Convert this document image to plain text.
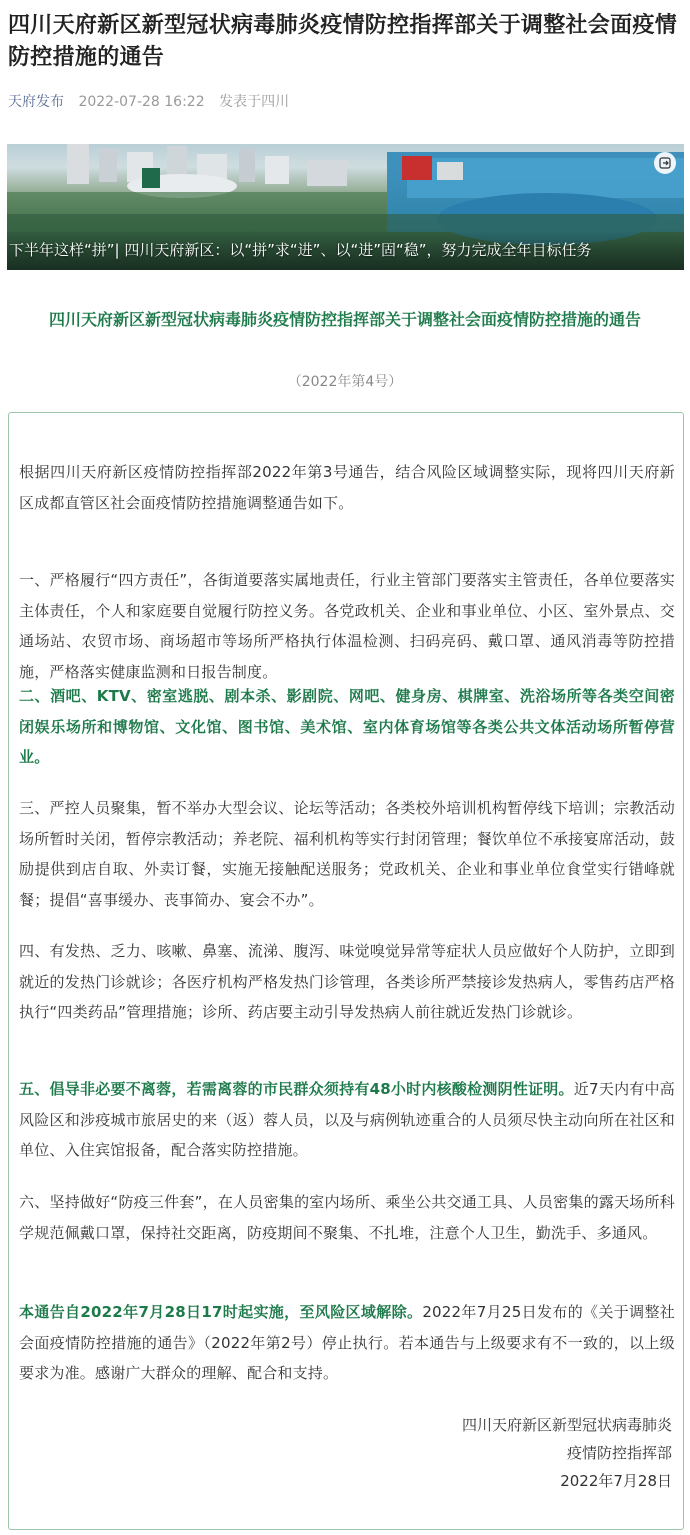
四川天府新区新型冠状病毒肺炎疫情防控指挥部关于调整社会面疫情防控措施的通告
天府发布 2022-07-28 16:22 发表于四川
下半年这样“拼”| 四川天府新区：以“拼”求“进”、以“进”固“稳”，努力完成全年目标任务
四川天府新区新型冠状病毒肺炎疫情防控指挥部关于调整社会面疫情防控措施的通告
（2022年第4号）

根据四川天府新区疫情防控指挥部2022年第3号通告，结合风险区域调整实际，现将四川天府新区成都直管区社会面疫情防控措施调整通告如下。

一、严格履行“四方责任”，各街道要落实属地责任，行业主管部门要落实主管责任，各单位要落实主体责任，个人和家庭要自觉履行防控义务。各党政机关、企业和事业单位、小区、室外景点、交通场站、农贸市场、商场超市等场所严格执行体温检测、扫码亮码、戴口罩、通风消毒等防控措施，严格落实健康监测和日报告制度。

二、酒吧、KTV、密室逃脱、剧本杀、影剧院、网吧、健身房、棋牌室、洗浴场所等各类空间密闭娱乐场所和博物馆、文化馆、图书馆、美术馆、室内体育场馆等各类公共文体活动场所暂停营业。

三、严控人员聚集，暂不举办大型会议、论坛等活动；各类校外培训机构暂停线下培训；宗教活动场所暂时关闭，暂停宗教活动；养老院、福利机构等实行封闭管理；餐饮单位不承接宴席活动，鼓励提供到店自取、外卖订餐，实施无接触配送服务；党政机关、企业和事业单位食堂实行错峰就餐；提倡“喜事缓办、丧事简办、宴会不办”。

四、有发热、乏力、咳嗽、鼻塞、流涕、腹泻、味觉嗅觉异常等症状人员应做好个人防护，立即到就近的发热门诊就诊；各医疗机构严格发热门诊管理，各类诊所严禁接诊发热病人，零售药店严格执行“四类药品”管理措施；诊所、药店要主动引导发热病人前往就近发热门诊就诊。

五、倡导非必要不离蓉，若需离蓉的市民群众须持有48小时内核酸检测阴性证明。近7天内有中高风险区和涉疫城市旅居史的来（返）蓉人员，以及与病例轨迹重合的人员须尽快主动向所在社区和单位、入住宾馆报备，配合落实防控措施。

六、坚持做好“防疫三件套”，在人员密集的室内场所、乘坐公共交通工具、人员密集的露天场所科学规范佩戴口罩，保持社交距离，防疫期间不聚集、不扎堆，注意个人卫生，勤洗手、多通风。

本通告自2022年7月28日17时起实施，至风险区域解除。2022年7月25日发布的《关于调整社会面疫情防控措施的通告》（2022年第2号）停止执行。若本通告与上级要求有不一致的，以上级要求为准。感谢广大群众的理解、配合和支持。

四川天府新区新型冠状病毒肺炎
疫情防控指挥部
2022年7月28日
